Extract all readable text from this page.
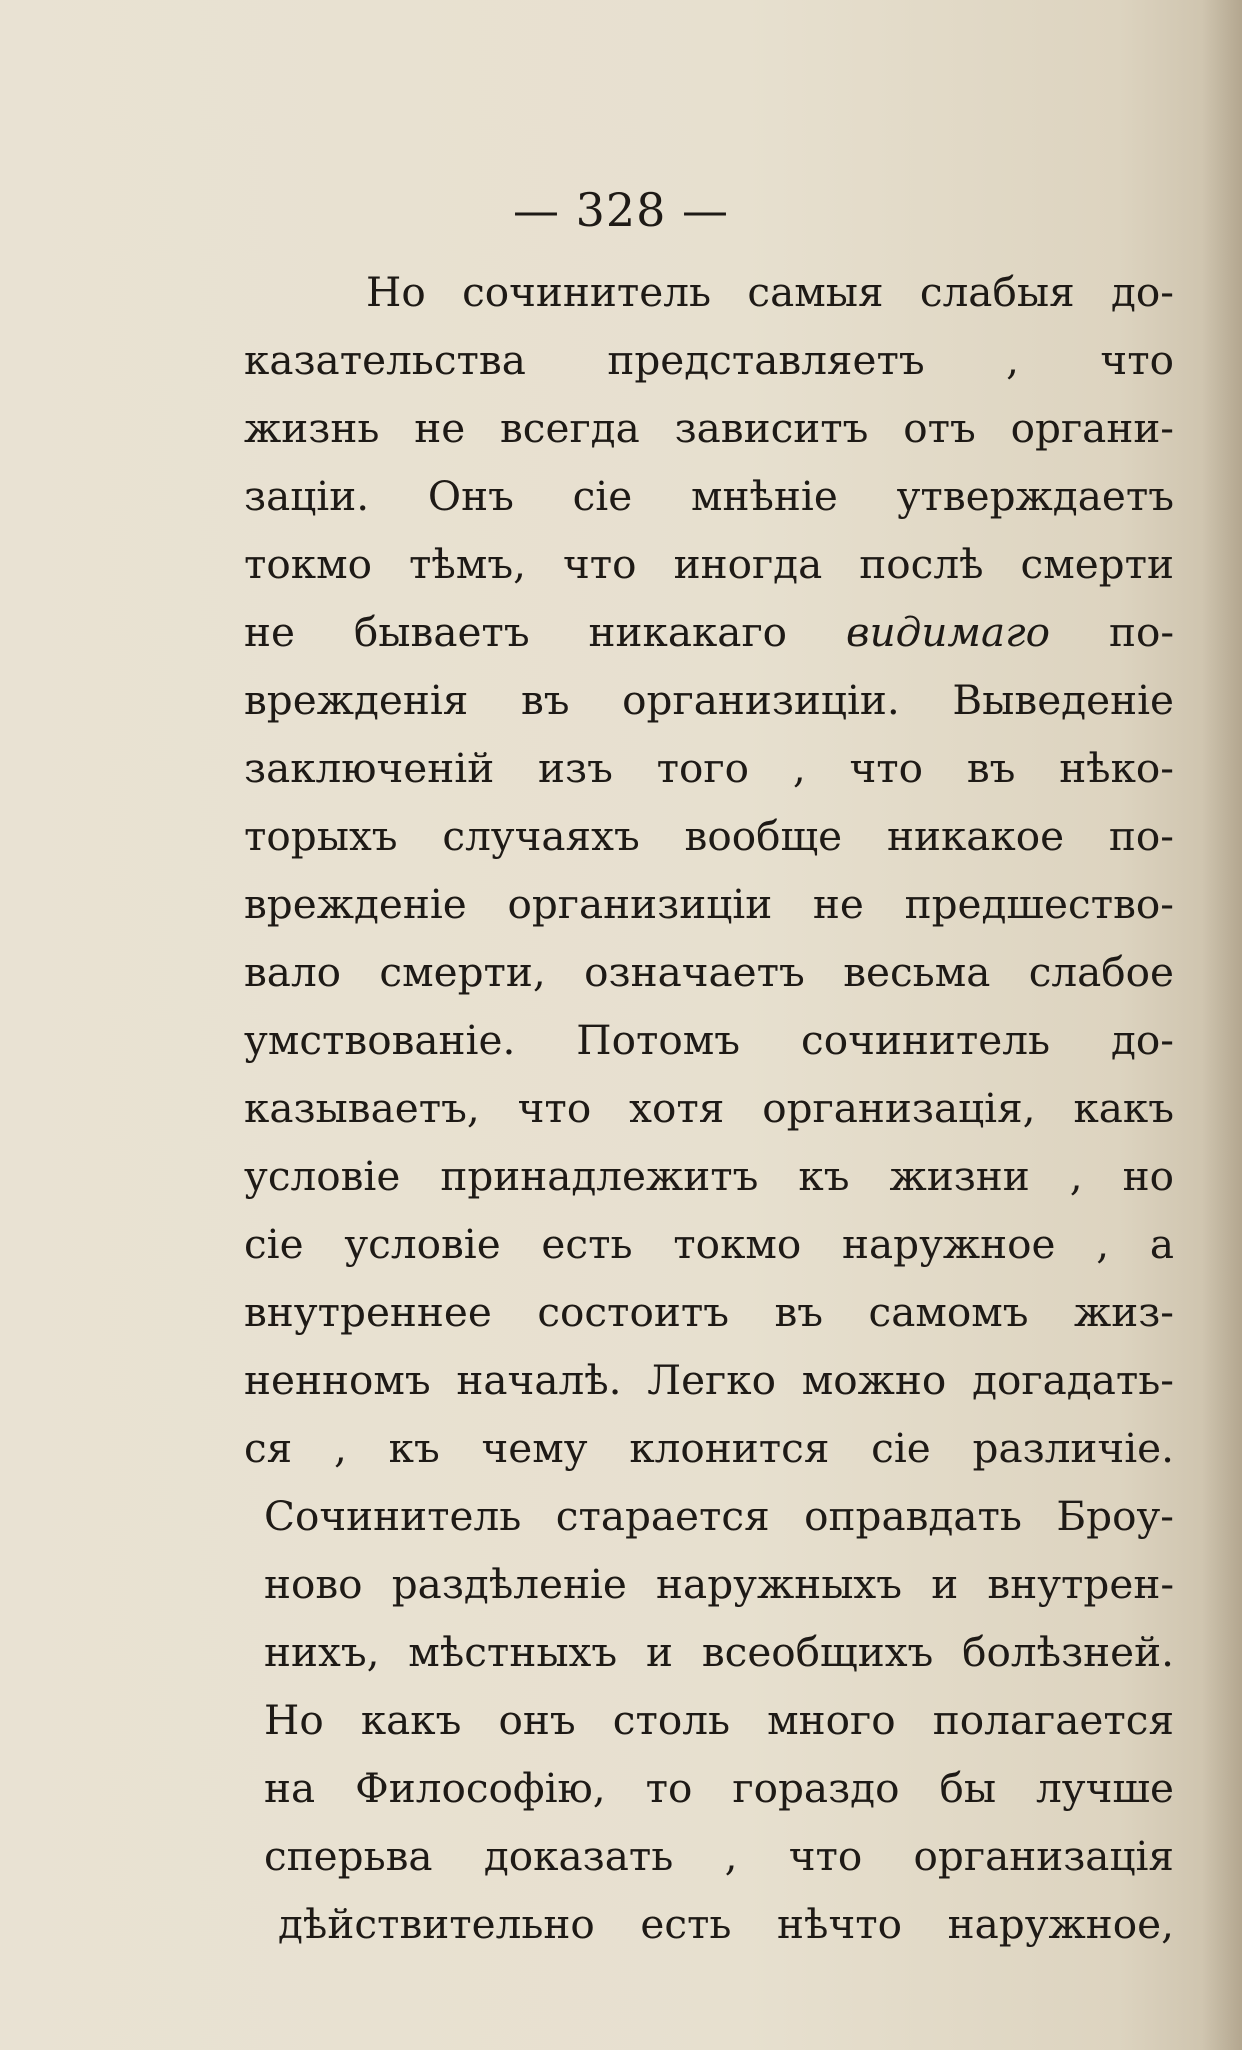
— 328 —
Но сочинитель самыя слабыя до-
казательства представляетъ , что
жизнь не всегда зависитъ отъ органи-
заціи. Онъ сіе мнѣніе утверждаетъ
токмо тѣмъ, что иногда послѣ смерти
не бываетъ никакаго видимаго по-
врежденія въ организиціи. Выведеніе
заключеній изъ того , что въ нѣко-
торыхъ случаяхъ вообще никакое по-
врежденіе организиціи не предшество-
вало смерти, означаетъ весьма слабое
умствованіе. Потомъ сочинитель до-
казываетъ, что хотя организація, какъ
условіе принадлежитъ къ жизни , но
сіе условіе есть токмо наружное , а
внутреннее состоитъ въ самомъ жиз-
ненномъ началѣ. Легко можно догадать-
ся , къ чему клонится сіе различіе.
Сочинитель старается оправдать Броу-
ново раздѣленіе наружныхъ и внутрен-
нихъ, мѣстныхъ и всеобщихъ болѣзней.
Но какъ онъ столь много полагается
на Философію, то гораздо бы лучше
сперьва доказать , что организація
дѣйствительно есть нѣчто наружное,
